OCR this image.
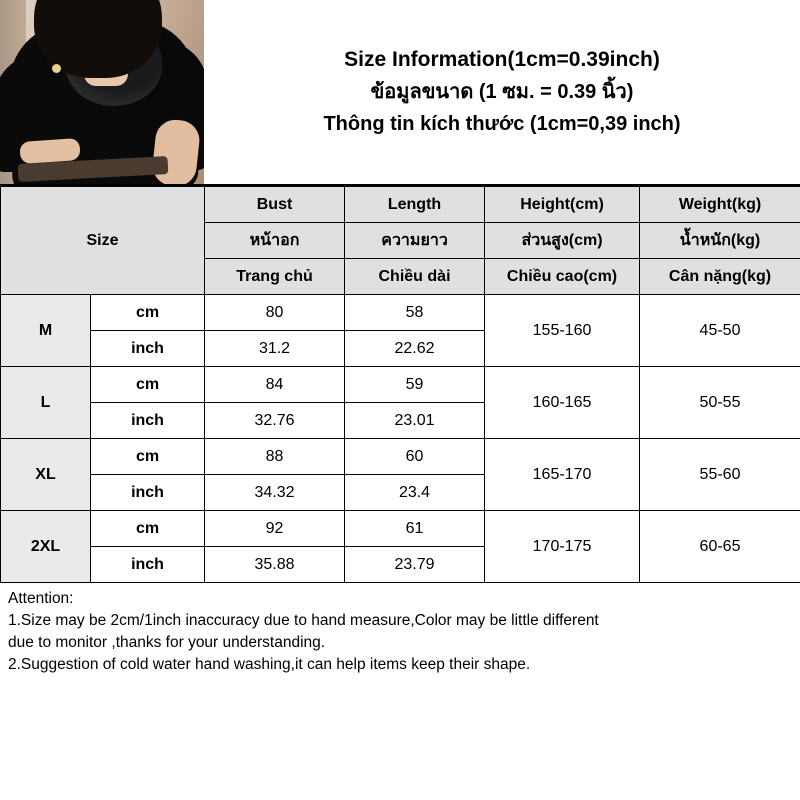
Size Information(1cm=0.39inch)
ข้อมูลขนาด (1 ซม. = 0.39 นิ้ว)
Thông tin kích thước (1cm=0,39 inch)
Size		Bust	Length	Height(cm)	Weight(kg)
		หน้าอก	ความยาว	ส่วนสูง(cm)	น้ำหนัก(kg)
		Trang chủ	Chiều dài	Chiều cao(cm)	Cân nặng(kg)
M	cm	80	58	155-160	45-50
	inch	31.2	22.62		
L	cm	84	59	160-165	50-55
	inch	32.76	23.01		
XL	cm	88	60	165-170	55-60
	inch	34.32	23.4		
2XL	cm	92	61	170-175	60-65
	inch	35.88	23.79		
Attention:
1.Size may be 2cm/1inch inaccuracy due to hand measure,Color may be little different
due to monitor ,thanks for your understanding.
2.Suggestion of cold water hand washing,it can help items keep their shape.
